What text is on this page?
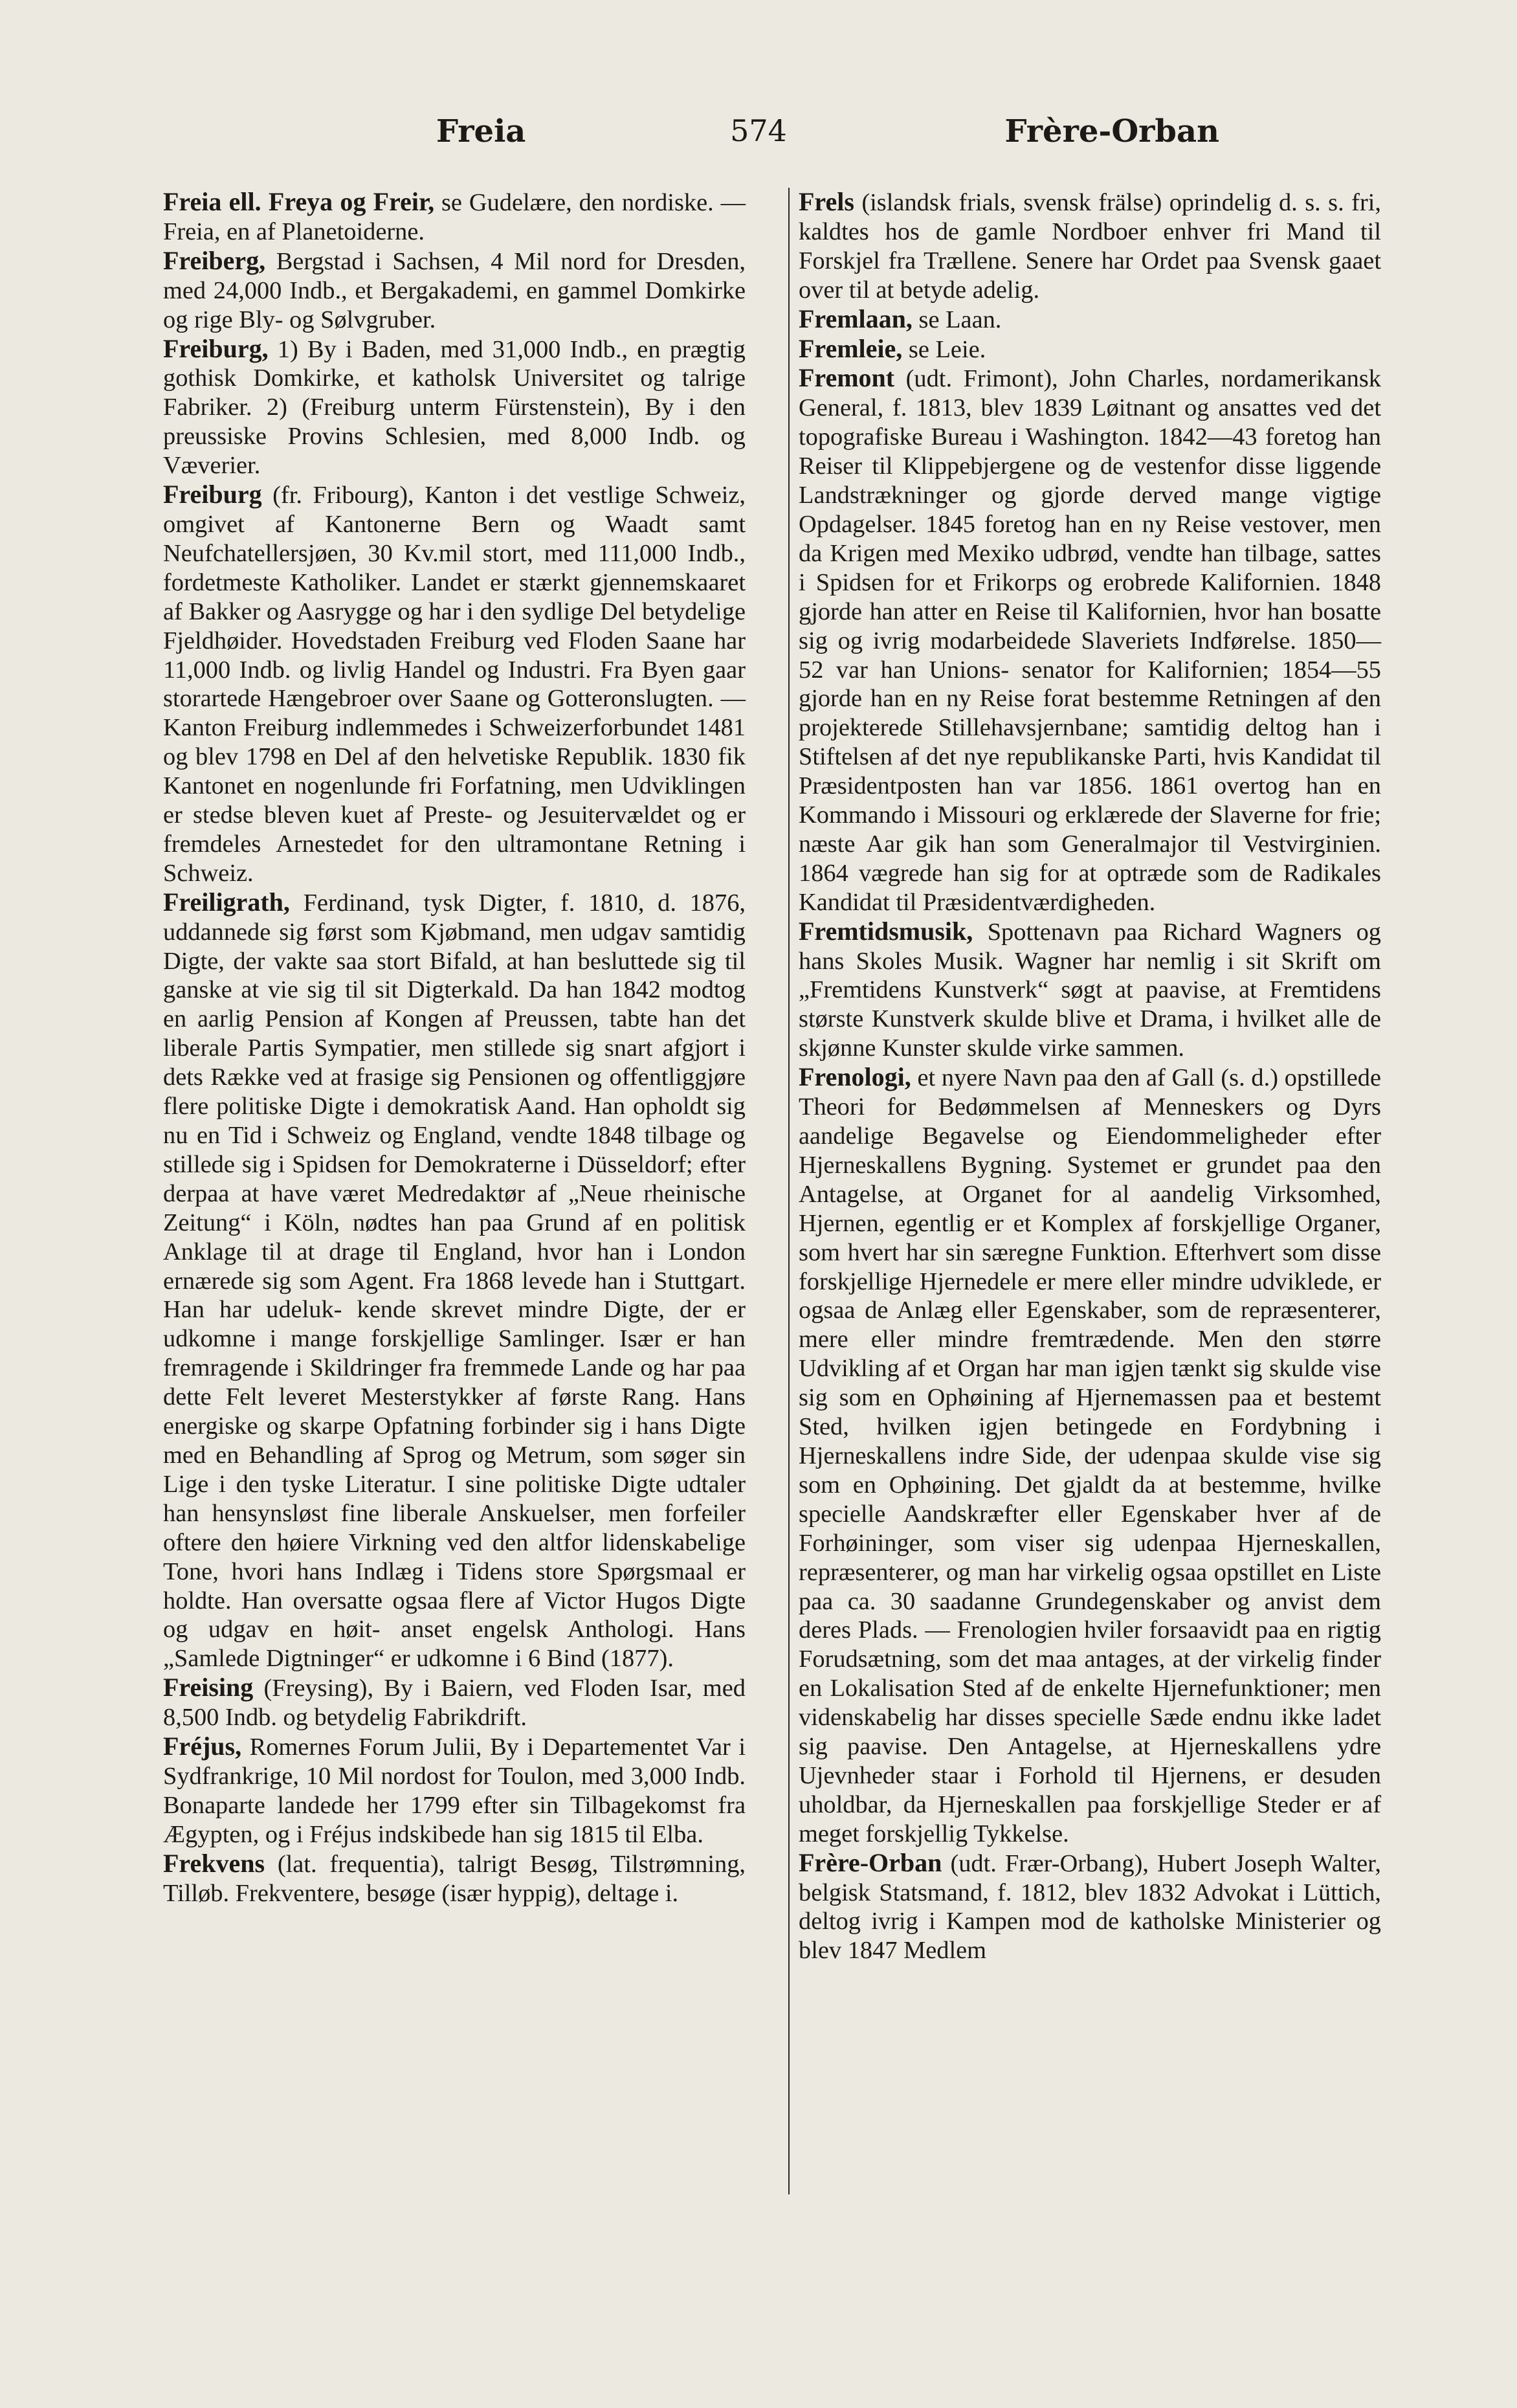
Freia	574	Frère-Orban

Freia ell. Freya og Freir, se Gudelære, den nordiske. — Freia, en af Planetoiderne.

Freiberg, Bergstad i Sachsen, 4 Mil nord for Dresden, med 24,000 Indb., et Bergakademi, en gammel Domkirke og rige Bly- og Sølvgruber.

Freiburg, 1) By i Baden, med 31,000 Indb., en prægtig gothisk Domkirke, et katholsk Universitet og talrige Fabriker. 2) (Freiburg unterm Fürstenstein), By i den preussiske Provins Schlesien, med 8,000 Indb. og Væverier.

Freiburg (fr. Fribourg), Kanton i det vestlige Schweiz, omgivet af Kantonerne Bern og Waadt samt Neufchatellersjøen, 30 Kv.mil stort, med 111,000 Indb., fordetmeste Katholiker. Landet er stærkt gjennemskaaret af Bakker og Aasrygge og har i den sydlige Del betydelige Fjeldhøider. Hovedstaden Freiburg ved Floden Saane har 11,000 Indb. og livlig Handel og Industri. Fra Byen gaar storartede Hængebroer over Saane og Gotteronslugten. — Kanton Freiburg indlemmedes i Schweizerforbundet 1481 og blev 1798 en Del af den helvetiske Republik. 1830 fik Kantonet en nogenlunde fri Forfatning, men Udviklingen er stedse bleven kuet af Preste- og Jesuitervældet og er fremdeles Arnestedet for den ultramontane Retning i Schweiz.

Freiligrath, Ferdinand, tysk Digter, f. 1810, d. 1876, uddannede sig først som Kjøbmand, men udgav samtidig Digte, der vakte saa stort Bifald, at han besluttede sig til ganske at vie sig til sit Digterkald. Da han 1842 modtog en aarlig Pension af Kongen af Preussen, tabte han det liberale Partis Sympatier, men stillede sig snart afgjort i dets Række ved at frasige sig Pensionen og offentliggjøre flere politiske Digte i demokratisk Aand. Han opholdt sig nu en Tid i Schweiz og England, vendte 1848 tilbage og stillede sig i Spidsen for Demokraterne i Düsseldorf; efter derpaa at have været Medredaktør af „Neue rheinische Zeitung“ i Köln, nødtes han paa Grund af en politisk Anklage til at drage til England, hvor han i London ernærede sig som Agent. Fra 1868 levede han i Stuttgart. Han har udeluk- kende skrevet mindre Digte, der er udkomne i mange forskjellige Samlinger. Især er han fremragende i Skildringer fra fremmede Lande og har paa dette Felt leveret Mesterstykker af første Rang. Hans energiske og skarpe Opfatning forbinder sig i hans Digte med en Behandling af Sprog og Metrum, som søger sin Lige i den tyske Literatur. I sine politiske Digte udtaler han hensynsløst fine liberale Anskuelser, men forfeiler oftere den høiere Virkning ved den altfor lidenskabelige Tone, hvori hans Indlæg i Tidens store Spørgsmaal er holdte. Han oversatte ogsaa flere af Victor Hugos Digte og udgav en høit- anset engelsk Anthologi. Hans „Samlede Digtninger“ er udkomne i 6 Bind (1877).

Freising (Freysing), By i Baiern, ved Floden Isar, med 8,500 Indb. og betydelig Fabrikdrift.

Fréjus, Romernes Forum Julii, By i Departementet Var i Sydfrankrige, 10 Mil nordost for Toulon, med 3,000 Indb. Bonaparte landede her 1799 efter sin Tilbagekomst fra Ægypten, og i Fréjus indskibede han sig 1815 til Elba.

Frekvens (lat. frequentia), talrigt Besøg, Tilstrømning, Tilløb. Frekventere, besøge (især hyppig), deltage i.

Frels (islandsk frials, svensk frälse) oprindelig d. s. s. fri, kaldtes hos de gamle Nordboer enhver fri Mand til Forskjel fra Trællene. Senere har Ordet paa Svensk gaaet over til at betyde adelig.

Fremlaan, se Laan.

Fremleie, se Leie.

Fremont (udt. Frimont), John Charles, nordamerikansk General, f. 1813, blev 1839 Løitnant og ansattes ved det topografiske Bureau i Washington. 1842—43 foretog han Reiser til Klippebjergene og de vestenfor disse liggende Landstrækninger og gjorde derved mange vigtige Opdagelser. 1845 foretog han en ny Reise vestover, men da Krigen med Mexiko udbrød, vendte han tilbage, sattes i Spidsen for et Frikorps og erobrede Kalifornien. 1848 gjorde han atter en Reise til Kalifornien, hvor han bosatte sig og ivrig modarbeidede Slaveriets Indførelse. 1850—52 var han Unions- senator for Kalifornien; 1854—55 gjorde han en ny Reise forat bestemme Retningen af den projekterede Stillehavsjernbane; samtidig deltog han i Stiftelsen af det nye republikanske Parti, hvis Kandidat til Præsidentposten han var 1856. 1861 overtog han en Kommando i Missouri og erklærede der Slaverne for frie; næste Aar gik han som Generalmajor til Vestvirginien. 1864 vægrede han sig for at optræde som de Radikales Kandidat til Præsidentværdigheden.

Fremtidsmusik, Spottenavn paa Richard Wagners og hans Skoles Musik. Wagner har nemlig i sit Skrift om „Fremtidens Kunstverk“ søgt at paavise, at Fremtidens største Kunstverk skulde blive et Drama, i hvilket alle de skjønne Kunster skulde virke sammen.

Frenologi, et nyere Navn paa den af Gall (s. d.) opstillede Theori for Bedømmelsen af Menneskers og Dyrs aandelige Begavelse og Eiendommeligheder efter Hjerneskallens Bygning. Systemet er grundet paa den Antagelse, at Organet for al aandelig Virksomhed, Hjernen, egentlig er et Komplex af forskjellige Organer, som hvert har sin særegne Funktion. Efterhvert som disse forskjellige Hjernedele er mere eller mindre udviklede, er ogsaa de Anlæg eller Egenskaber, som de repræsenterer, mere eller mindre fremtrædende. Men den større Udvikling af et Organ har man igjen tænkt sig skulde vise sig som en Ophøining af Hjernemassen paa et bestemt Sted, hvilken igjen betingede en Fordybning i Hjerneskallens indre Side, der udenpaa skulde vise sig som en Ophøining. Det gjaldt da at bestemme, hvilke specielle Aandskræfter eller Egenskaber hver af de Forhøininger, som viser sig udenpaa Hjerneskallen, repræsenterer, og man har virkelig ogsaa opstillet en Liste paa ca. 30 saadanne Grundegenskaber og anvist dem deres Plads. — Frenologien hviler forsaavidt paa en rigtig Forudsætning, som det maa antages, at der virkelig finder en Lokalisation Sted af de enkelte Hjernefunktioner; men videnskabelig har disses specielle Sæde endnu ikke ladet sig paavise. Den Antagelse, at Hjerneskallens ydre Ujevnheder staar i Forhold til Hjernens, er desuden uholdbar, da Hjerneskallen paa forskjellige Steder er af meget forskjellig Tykkelse.

Frère-Orban (udt. Frær-Orbang), Hubert Joseph Walter, belgisk Statsmand, f. 1812, blev 1832 Advokat i Lüttich, deltog ivrig i Kampen mod de katholske Ministerier og blev 1847 Medlem
